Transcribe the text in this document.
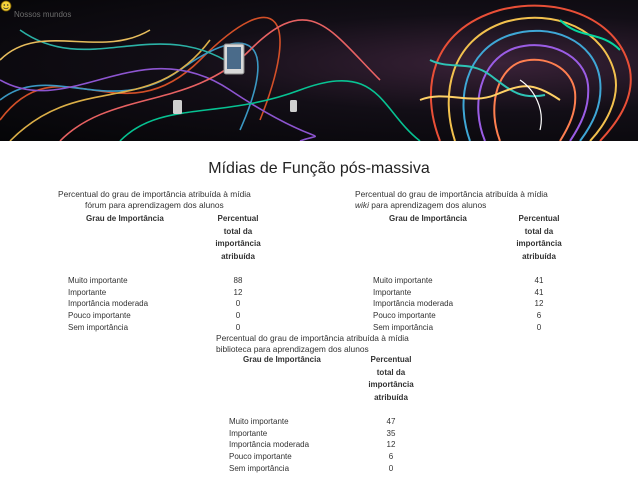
Nossos mundos
Mídias de Função pós-massiva
Percentual do grau de importância atribuída à mídia
fórum para aprendizagem dos alunos
Grau de Importância	Percentual
total da
importância
atribuída

Muito importante	88
Importante	12
Importância moderada	0
Pouco importante	0
Sem importância	0
Percentual do grau de importância atribuída à mídia
wiki para aprendizagem dos alunos
Grau de Importância	Percentual
total da
importância
atribuída

Muito importante	41
Importante	41
Importância moderada	12
Pouco importante	6
Sem importância	0
Percentual do grau de importância atribuída à mídia
biblioteca para aprendizagem dos alunos
Grau de Importância	Percentual
total da
importância
atribuída

Muito importante	47
Importante	35
Importância moderada	12
Pouco importante	6
Sem importância	0
